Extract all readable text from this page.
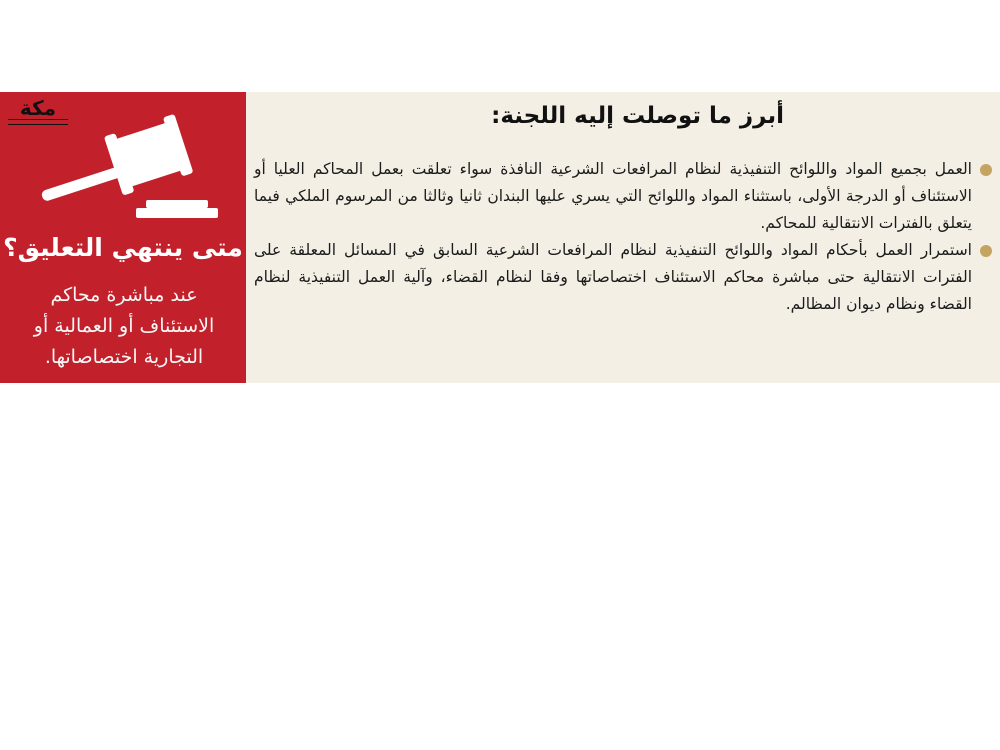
مكة
متى ينتهي التعليق؟
عند مباشرة محاكم الاستئناف أو العمالية أو التجارية اختصاصاتها.
أبرز ما توصلت إليه اللجنة:
العمل بجميع المواد واللوائح التنفيذية لنظام المرافعات الشرعية النافذة سواء تعلقت بعمل المحاكم العليا أو الاستئناف أو الدرجة الأولى، باستثناء المواد واللوائح التي يسري عليها البندان ثانيا وثالثا من المرسوم الملكي فيما يتعلق بالفترات الانتقالية للمحاكم.
استمرار العمل بأحكام المواد واللوائح التنفيذية لنظام المرافعات الشرعية السابق في المسائل المعلقة على الفترات الانتقالية حتى مباشرة محاكم الاستئناف اختصاصاتها وفقا لنظام القضاء، وآلية العمل التنفيذية لنظام القضاء ونظام ديوان المظالم.
